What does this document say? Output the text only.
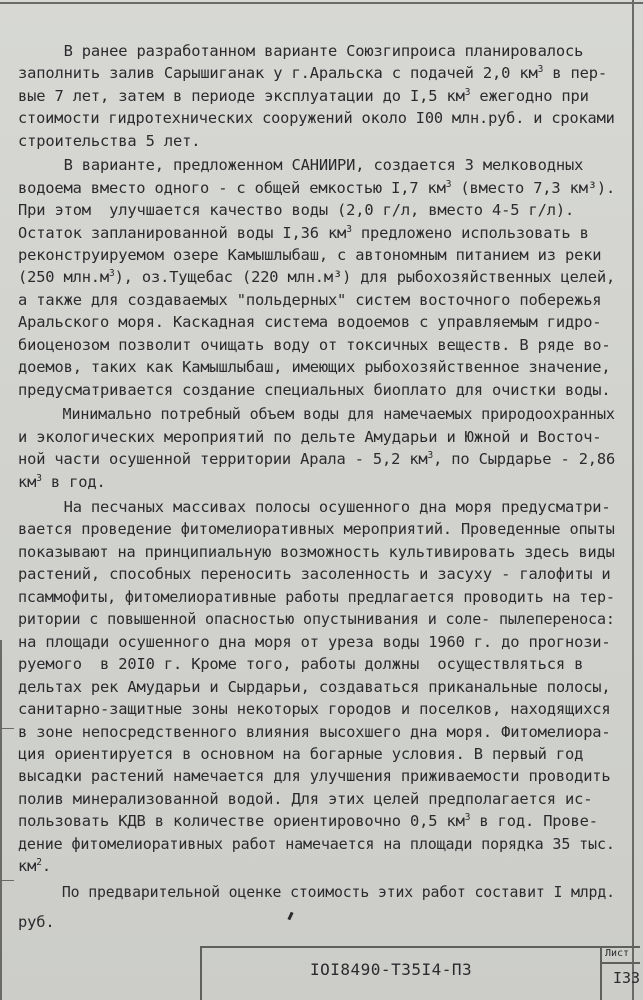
В ранее разработанном варианте Союзгипроиса планировалось
заполнить залив Сарышиганак у г.Аральска с подачей 2,0 $км^3$ в пер-
вые 7 лет, затем в периоде эксплуатации до I,5 $км^3$ ежегодно при
стоимости гидротехнических сооружений около I00 млн.руб. и сроками
строительства 5 лет.
В варианте, предложенном САНИИРИ, создается 3 мелководных
водоема вместо одного - с общей емкостью I,7 $км^3$ (вместо 7,3 км³).
При этом  улучшается качество воды (2,0 г/л, вместо 4-5 г/л).
Остаток запланированной воды I,36 $км^3$ предложено использовать в
реконструируемом озере Камышлыбаш, с автономным питанием из реки
(250 $млн.м^3$), оз.Тущебас (220 млн.м³) для рыбохозяйственных целей,
а также для создаваемых "польдерных" систем восточного побережья
Аральского моря. Каскадная система водоемов с управляемым гидро-
биоценозом позволит очищать воду от токсичных веществ. В ряде во-
доемов, таких как Камышлыбаш, имеющих рыбохозяйственное значение,
предусматривается создание специальных биоплато для очистки воды.
Минимально потребный объем воды для намечаемых природоохранных
и экологических мероприятий по дельте Амударьи и Южной и Восточ-
ной части осушенной территории Арала - 5,2 $км^3$, по Сырдарье - 2,86
$км^3$ в год.
На песчаных массивах полосы осушенного дна моря предусматри-
вается проведение фитомелиоративных мероприятий. Проведенные опыты
показывают на принципиальную возможность культивировать здесь виды
растений, способных переносить засоленность и засуху - галофиты и
псаммофиты, фитомелиоративные работы предлагается проводить на тер-
ритории с повышенной опасностью опустынивания и соле- пылепереноса:
на площади осушенного дна моря от уреза воды 1960 г. до прогнози-
руемого  в 20I0 г. Кроме того, работы должны  осуществляться в
дельтах рек Амударьи и Сырдарьи, создаваться приканальные полосы,
санитарно-защитные зоны некоторых городов и поселков, находящихся
в зоне непосредственного влияния высохшего дна моря. Фитомелиора-
ция ориентируется в основном на богарные условия. В первый год
высадки растений намечается для улучшения приживаемости проводить
полив минерализованной водой. Для этих целей предполагается ис-
пользовать КДВ в количестве ориентировочно 0,5 $км^3$ в год. Прове-
дение фитомелиоративных работ намечается на площади порядка 35 тыс.
$км^2$.
По предварительной оценке стоимость этих работ составит I млрд.
руб.
IOI8490-Т35I4-ПЗ
Лист
I33
